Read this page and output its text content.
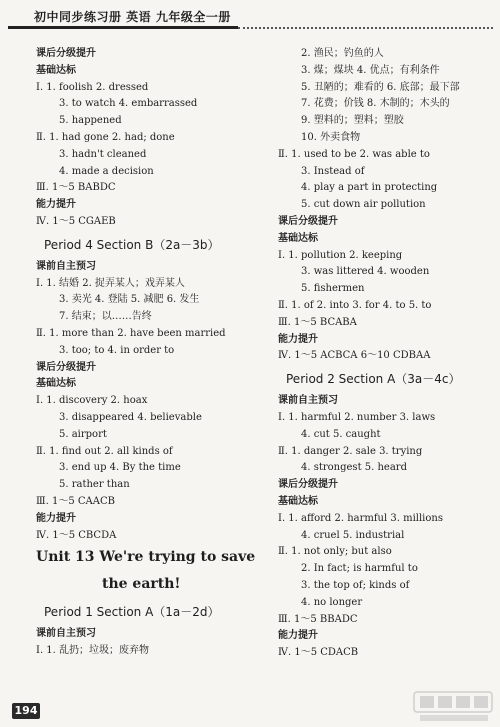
初中同步练习册 英语 九年级全一册
课后分级提升
基础达标
Ⅰ. 1. foolish 2. dressed
3. to watch 4. embarrassed
5. happened
Ⅱ. 1. had gone 2. had; done
3. hadn't cleaned
4. made a decision
Ⅲ. 1～5 BABDC
能力提升
Ⅳ. 1～5 CGAEB
Period 4 Section B（2a－3b）
课前自主预习
Ⅰ. 1. 结婚 2. 捉弄某人；戏弄某人
3. 卖光 4. 登陆 5. 减肥 6. 发生
7. 结束；以……告终
Ⅱ. 1. more than 2. have been married
3. too; to 4. in order to
课后分级提升
基础达标
Ⅰ. 1. discovery 2. hoax
3. disappeared 4. believable
5. airport
Ⅱ. 1. find out 2. all kinds of
3. end up 4. By the time
5. rather than
Ⅲ. 1～5 CAACB
能力提升
Ⅳ. 1～5 CBCDA
Unit 13 We're trying to save
the earth!
Period 1 Section A（1a－2d）
课前自主预习
Ⅰ. 1. 乱扔；垃圾；废弃物
2. 渔民；钓鱼的人
3. 煤；煤块 4. 优点；有利条件
5. 丑陋的；难看的 6. 底部；最下部
7. 花费；价钱 8. 木制的；木头的
9. 塑料的；塑料；塑胶
10. 外卖食物
Ⅱ. 1. used to be 2. was able to
3. Instead of
4. play a part in protecting
5. cut down air pollution
课后分级提升
基础达标
Ⅰ. 1. pollution 2. keeping
3. was littered 4. wooden
5. fishermen
Ⅱ. 1. of 2. into 3. for 4. to 5. to
Ⅲ. 1～5 BCABA
能力提升
Ⅳ. 1～5 ACBCA 6～10 CDBAA
Period 2 Section A（3a－4c）
课前自主预习
Ⅰ. 1. harmful 2. number 3. laws
4. cut 5. caught
Ⅱ. 1. danger 2. sale 3. trying
4. strongest 5. heard
课后分级提升
基础达标
Ⅰ. 1. afford 2. harmful 3. millions
4. cruel 5. industrial
Ⅱ. 1. not only; but also
2. In fact; is harmful to
3. the top of; kinds of
4. no longer
Ⅲ. 1～5 BBADC
能力提升
Ⅳ. 1～5 CDACB
194
